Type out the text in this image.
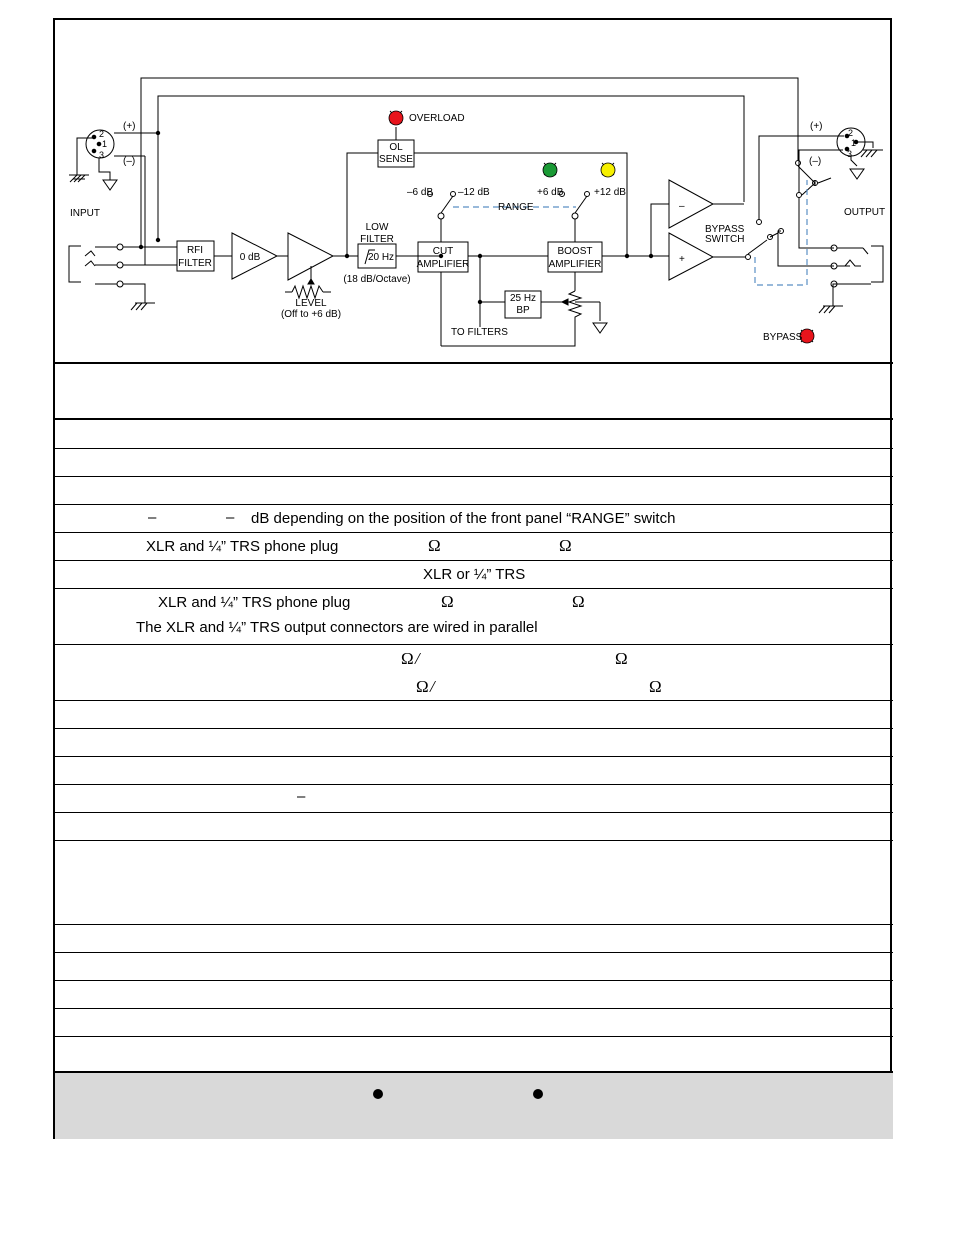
(+)
(–)
2
1
3
INPUT
RFI
FILTER
0 dB
LEVEL
(Off to +6 dB)
LOW
FILTER
20 Hz
(18 dB/Octave)
OL
SENSE
OVERLOAD
–6 dB –12 dB
RANGE
+6 dB	+12 dB
CUT
AMPLIFIER
BOOST
AMPLIFIER
25 Hz
BP
TO FILTERS
–
+
BYPASS
SWITCH
BYPASS
(+)
(–)
2
1
3
OUTPUT
–	– dB depending on the position of the front panel “RANGE” switch
XLR and ¼” TRS phone plug	Ω	Ω
XLR or ¼” TRS
XLR and ¼” TRS phone plug	Ω	Ω
The XLR and ¼” TRS output connectors are wired in parallel
Ω /	Ω
Ω /	Ω
–
